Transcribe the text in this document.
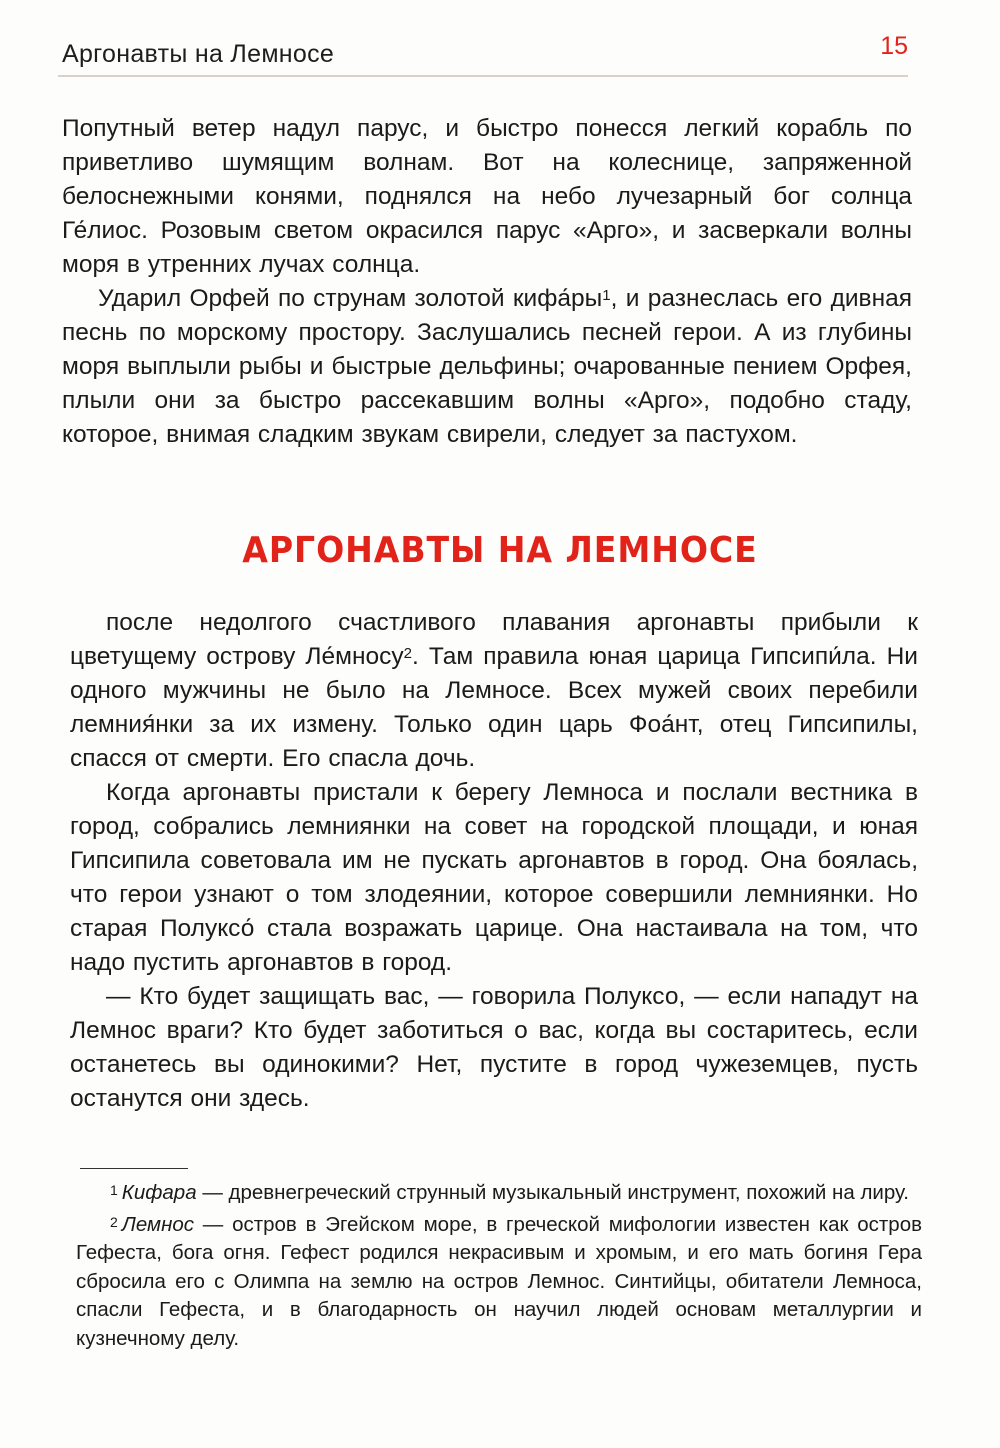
Аргонавты на Лемносе	15

Попутный ветер надул парус, и быстро понесся легкий корабль по приветливо шумящим волнам. Вот на колеснице, запряженной белоснежными конями, поднялся на небо лучезарный бог солнца Ге́лиос. Розовым светом окрасился парус «Арго», и засверкали волны моря в утренних лучах солнца.

Ударил Орфей по струнам золотой кифа́ры$^1$, и разнеслась его дивная песнь по морскому простору. Заслушались песней герои. А из глубины моря выплыли рыбы и быстрые дельфины; очарованные пением Орфея, плыли они за быстро рассекавшим волны «Арго», подобно стаду, которое, внимая сладким звукам свирели, следует за пастухом.

АРГОНАВТЫ НА ЛЕМНОСЕ

после недолгого счастливого плавания аргонавты прибыли к цветущему острову Ле́мносу$^2$. Там правила юная царица Гипсипи́ла. Ни одного мужчины не было на Лемносе. Всех мужей своих перебили лемния́нки за их измену. Только один царь Фоа́нт, отец Гипсипилы, спасся от смерти. Его спасла дочь.

Когда аргонавты пристали к берегу Лемноса и послали вестника в город, собрались лемниянки на совет на городской площади, и юная Гипсипила советовала им не пускать аргонавтов в город. Она боялась, что герои узнают о том злодеянии, которое совершили лемниянки. Но старая Полуксо́ стала возражать царице. Она настаивала на том, что надо пустить аргонавтов в город.

— Кто будет защищать вас, — говорила Полуксо, — если нападут на Лемнос враги? Кто будет заботиться о вас, когда вы состаритесь, если останетесь вы одинокими? Нет, пустите в город чужеземцев, пусть останутся они здесь.

1 Кифара — древнегреческий струнный музыкальный инструмент, похожий на лиру.

2 Лемнос — остров в Эгейском море, в греческой мифологии известен как остров Гефеста, бога огня. Гефест родился некрасивым и хромым, и его мать богиня Гера сбросила его с Олимпа на землю на остров Лемнос. Синтийцы, обитатели Лемноса, спасли Гефеста, и в благодарность он научил людей основам металлургии и кузнечному делу.
